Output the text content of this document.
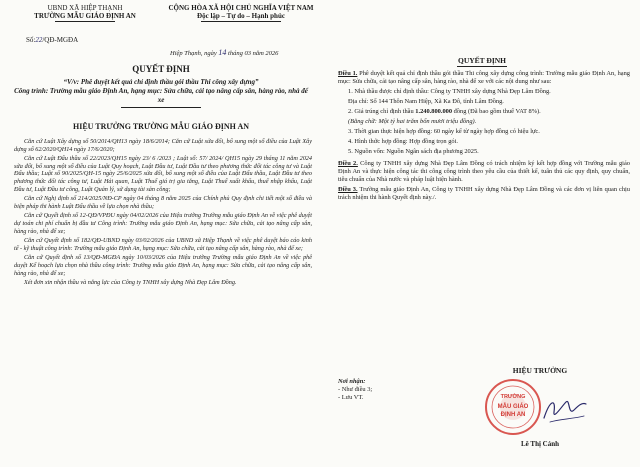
UBND XÃ HIỆP THẠNH
TRƯỜNG MẪU GIÁO ĐỊNH AN
CỘNG HÒA XÃ HỘI CHỦ NGHĨA VIỆT NAM
Độc lập – Tự do – Hạnh phúc
Số:22/QĐ-MGĐA
Hiệp Thạnh, ngày 14 tháng 03 năm 2026
QUYẾT ĐỊNH
“V/v: Phê duyệt kết quả chỉ định thầu gói thầu Thi công xây dựng”
Công trình: Trường mẫu giáo Định An, hạng mục: Sửa chữa, cải tạo nâng cấp sân, hàng rào, nhà để xe
HIỆU TRƯỞNG TRƯỜNG MẪU GIÁO ĐỊNH AN

Căn cứ Luật Xây dựng số 50/2014/QH13 ngày 18/6/2014; Căn cứ Luật sửa đổi, bổ sung một số điều của Luật Xây dựng số 62/2020/QH14 ngày 17/6/2020;

Căn cứ Luật Đấu thầu số 22/2023/QH15 ngày 23/ 6 /2023 ; Luật số: 57/ 2024/ QH15 ngày 29 tháng 11 năm 2024 sửa đổi, bổ sung một số điều của Luật Quy hoạch, Luật Đầu tư, Luật Đầu tư theo phương thức đối tác công tư và Luật Đấu thầu; Luật số 90/2025/QH-15 ngày 25/6/2025 sửa đổi, bổ sung một số điều của Luật Đấu thầu, Luật Đầu tư theo phương thức đối tác công tư, Luật Hải quan, Luật Thuế giá trị gia tăng, Luật Thuế xuất khẩu, thuế nhập khẩu, Luật Đầu tư, Luật Đầu tư công, Luật Quản lý, sử dụng tài sản công;

Căn cứ Nghị định số 214/2025/NĐ-CP ngày 04 tháng 8 năm 2025 của Chính phủ Quy định chi tiết một số điều và biện pháp thi hành Luật Đấu thầu về lựa chọn nhà thầu;

Căn cứ Quyết định số 12-QĐ/VPĐU ngày 04/02/2026 của Hiệu trưởng Trường mẫu giáo Định An về việc phê duyệt dự toán chi phí chuẩn bị đầu tư Công trình: Trường mẫu giáo Định An, hạng mục: Sửa chữa, cải tạo nâng cấp sân, hàng rào, nhà để xe;

Căn cứ Quyết định số 182/QĐ-UBND ngày 03/02/2026 của UBND xã Hiệp Thạnh về việc phê duyệt báo cáo kinh tế - kỹ thuật công trình: Trường mẫu giáo Định An, hạng mục: Sửa chữa, cải tạo nâng cấp sân, hàng rào, nhà để xe;

Căn cứ Quyết định số 13/QĐ-MGĐA ngày 10/03/2026 của Hiệu trưởng Trường mẫu giáo Định An về việc phê duyệt Kế hoạch lựa chọn nhà thầu công trình: Trường mẫu giáo Định An, hạng mục: Sửa chữa, cải tạo nâng cấp sân, hàng rào, nhà để xe;

Xét đơn xin nhận thầu và năng lực của Công ty TNHH xây dựng Nhà Đẹp Lâm Đồng.

QUYẾT ĐỊNH

Điều 1. Phê duyệt kết quả chỉ định thầu gói thầu Thi công xây dựng công trình: Trường mẫu giáo Định An, hạng mục: Sửa chữa, cải tạo nâng cấp sân, hàng rào, nhà để xe với các nội dung như sau:

1. Nhà thầu được chỉ định thầu: Công ty TNHH xây dựng Nhà Đẹp Lâm Đồng.

Địa chỉ: Số 144 Thôn Nam Hiệp, Xã Ka Đô, tỉnh Lâm Đồng.

2. Giá trúng chỉ định thầu 1.240.800.000 đồng (Đã bao gồm thuế VAT 8%).

(Bằng chữ: Một tỷ hai trăm bốn mươi triệu đồng).

3. Thời gian thực hiện hợp đồng: 60 ngày kể từ ngày hợp đồng có hiệu lực.

4. Hình thức hợp đồng: Hợp đồng trọn gói.

5. Nguồn vốn: Nguồn Ngân sách địa phương 2025.

Điều 2. Công ty TNHH xây dựng Nhà Đẹp Lâm Đồng có trách nhiệm ký kết hợp đồng với Trường mẫu giáo Định An và thực hiện công tác thi công công trình theo yêu cầu của thiết kế, tuân thủ các quy định, quy chuẩn, tiêu chuẩn của Nhà nước và pháp luật hiện hành.

Điều 3. Trường mẫu giáo Định An, Công ty TNHH xây dựng Nhà Đẹp Lâm Đồng và các đơn vị liên quan chịu trách nhiệm thi hành Quyết định này./.

Nơi nhận:
- Như điều 3;
- Lưu VT.
HIỆU TRƯỞNG
Lê Thị Cảnh
TRƯỜNG
MẪU GIÁO
ĐỊNH AN
